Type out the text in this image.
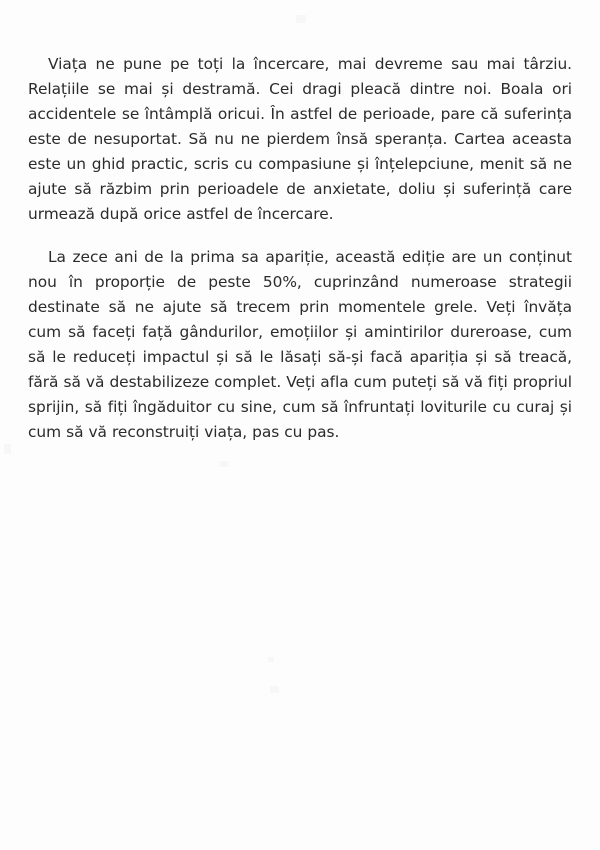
Viața ne pune pe toți la încercare, mai devreme sau mai târziu. Relațiile se mai și destramă. Cei dragi pleacă dintre noi. Boala ori accidentele se întâmplă oricui. În astfel de perioade, pare că suferința este de nesuportat. Să nu ne pierdem însă speranța. Cartea aceasta este un ghid practic, scris cu compasiune și înțelepciune, menit să ne ajute să răzbim prin perioadele de anxietate, doliu și suferință care urmează după orice astfel de încercare.

La zece ani de la prima sa apariție, această ediție are un conținut nou în proporție de peste 50%, cuprinzând numeroase strategii destinate să ne ajute să trecem prin momentele grele. Veți învăța cum să faceți față gândurilor, emoțiilor și amintirilor dureroase, cum să le reduceți impactul și să le lăsați să-și facă apariția și să treacă, fără să vă destabilizeze complet. Veți afla cum puteți să vă fiți propriul sprijin, să fiți îngăduitor cu sine, cum să înfruntați loviturile cu curaj și cum să vă reconstruiți viața, pas cu pas.
